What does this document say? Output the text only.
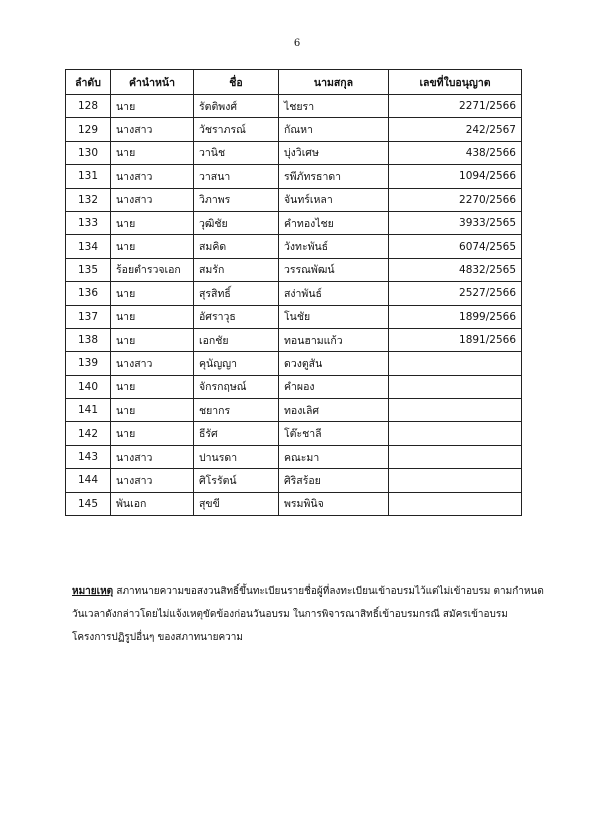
6
ลำดับ	คำนำหน้า	ชื่อ	นามสกุล	เลขที่ใบอนุญาต
128	นาย	รัตติพงศ์	ไชยรา	2271/2566
129	นางสาว	วัชราภรณ์	กัณหา	242/2567
130	นาย	วานิช	บุ่งวิเศษ	438/2566
131	นางสาว	วาสนา	รพีภัทรธาดา	1094/2566
132	นางสาว	วิภาพร	จันทร์เหลา	2270/2566
133	นาย	วุฒิชัย	คำทองไชย	3933/2565
134	นาย	สมคิด	วังทะพันธ์	6074/2565
135	ร้อยตำรวจเอก	สมรัก	วรรณพัฒน์	4832/2565
136	นาย	สุรสิทธิ์	สง่าพันธ์	2527/2566
137	นาย	อัศราวุธ	โนชัย	1899/2566
138	นาย	เอกชัย	ทอนฮามแก้ว	1891/2566
139	นางสาว	คุนัญญา	ดวงตูสัน	
140	นาย	จักรกฤษณ์	คำผอง	
141	นาย	ชยากร	ทองเลิศ	
142	นาย	ธีรัศ	โต๊ะชาลี	
143	นางสาว	ปานรดา	คณะมา	
144	นางสาว	ศิโรรัตน์	ศิริสร้อย	
145	พันเอก	สุขขี	พรมพินิจ	

หมายเหตุ สภาทนายความขอสงวนสิทธิ์ขึ้นทะเบียนรายชื่อผู้ที่ลงทะเบียนเข้าอบรมไว้แต่ไม่เข้าอบรม ตามกำหนดวันเวลาดังกล่าวโดยไม่แจ้งเหตุขัดข้องก่อนวันอบรม ในการพิจารณาสิทธิ์เข้าอบรมกรณี สมัครเข้าอบรมโครงการปฏิรูปอื่นๆ ของสภาทนายความ
